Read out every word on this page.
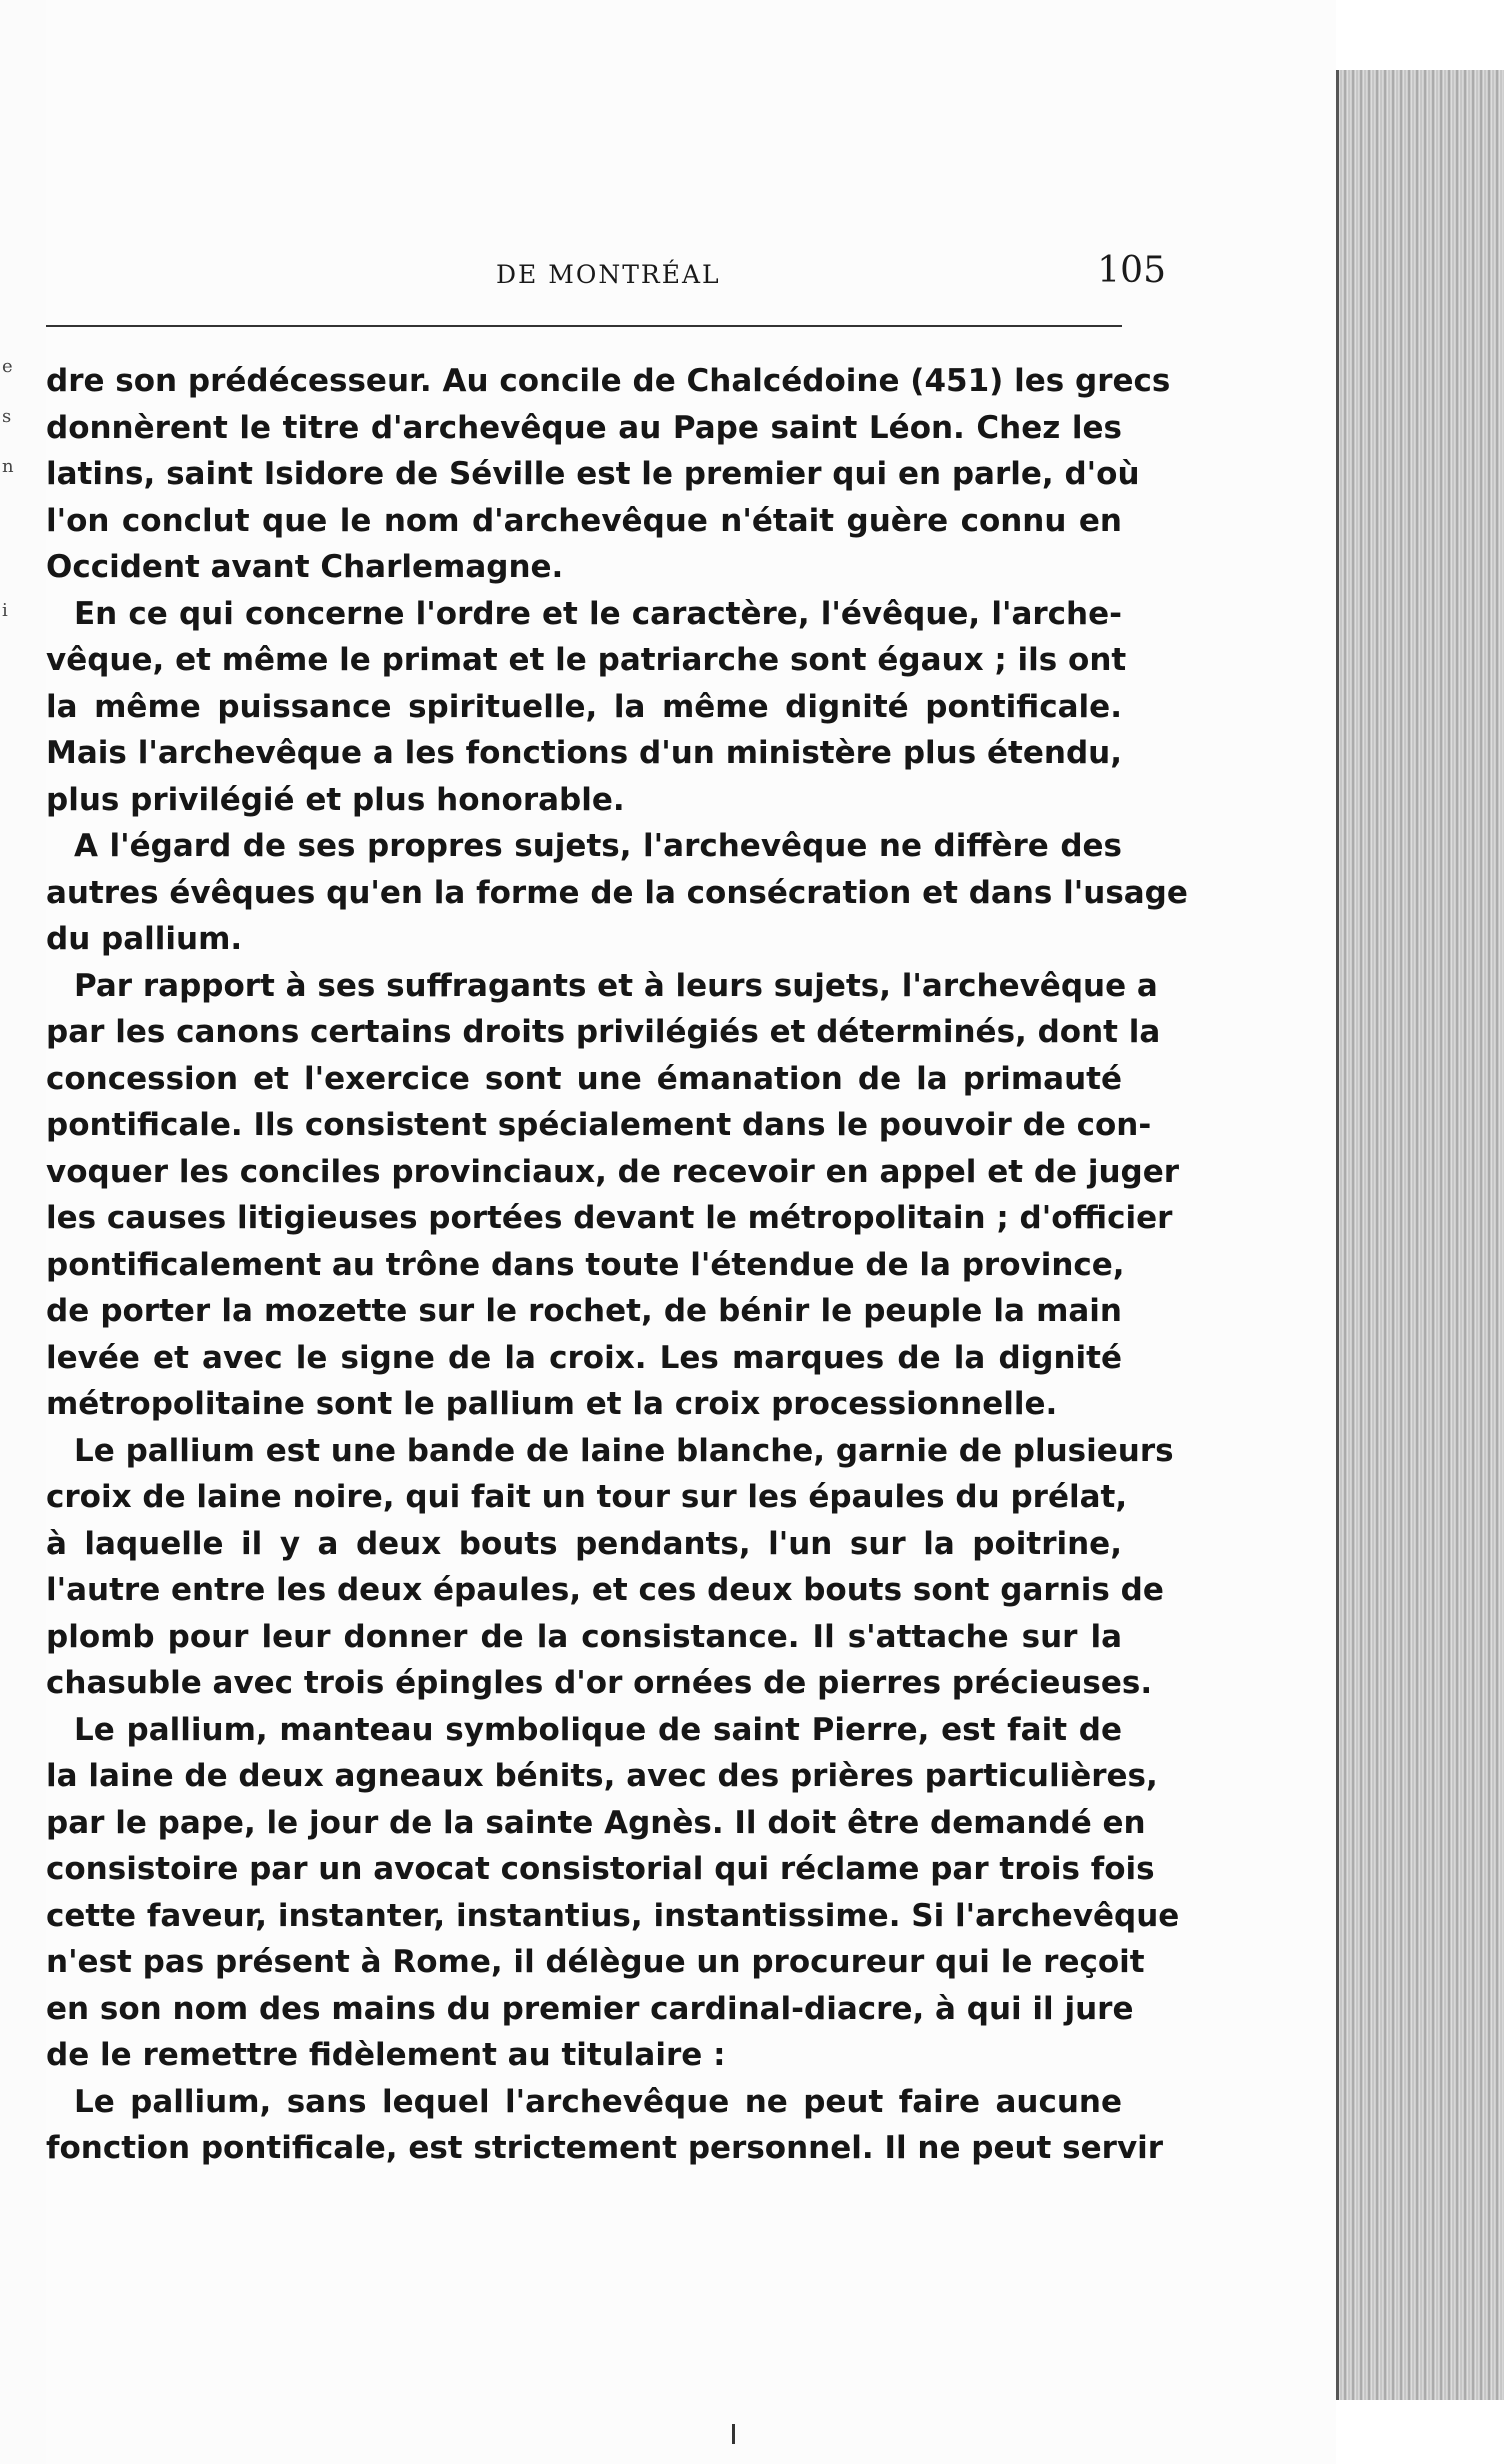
e
s
n
i
DE MONTRÉAL	105
dre son prédécesseur. Au concile de Chalcédoine (451) les grecs
donnèrent le titre d'archevêque au Pape saint Léon. Chez les
latins, saint Isidore de Séville est le premier qui en parle, d'où
l'on conclut que le nom d'archevêque n'était guère connu en
Occident avant Charlemagne.
En ce qui concerne l'ordre et le caractère, l'évêque, l'arche-
vêque, et même le primat et le patriarche sont égaux ; ils ont
la même puissance spirituelle, la même dignité pontificale.
Mais l'archevêque a les fonctions d'un ministère plus étendu,
plus privilégié et plus honorable.
A l'égard de ses propres sujets, l'archevêque ne diffère des
autres évêques qu'en la forme de la consécration et dans l'usage
du pallium.
Par rapport à ses suffragants et à leurs sujets, l'archevêque a
par les canons certains droits privilégiés et déterminés, dont la
concession et l'exercice sont une émanation de la primauté
pontificale. Ils consistent spécialement dans le pouvoir de con-
voquer les conciles provinciaux, de recevoir en appel et de juger
les causes litigieuses portées devant le métropolitain ; d'officier
pontificalement au trône dans toute l'étendue de la province,
de porter la mozette sur le rochet, de bénir le peuple la main
levée et avec le signe de la croix. Les marques de la dignité
métropolitaine sont le pallium et la croix processionnelle.
Le pallium est une bande de laine blanche, garnie de plusieurs
croix de laine noire, qui fait un tour sur les épaules du prélat,
à laquelle il y a deux bouts pendants, l'un sur la poitrine,
l'autre entre les deux épaules, et ces deux bouts sont garnis de
plomb pour leur donner de la consistance. Il s'attache sur la
chasuble avec trois épingles d'or ornées de pierres précieuses.
Le pallium, manteau symbolique de saint Pierre, est fait de
la laine de deux agneaux bénits, avec des prières particulières,
par le pape, le jour de la sainte Agnès. Il doit être demandé en
consistoire par un avocat consistorial qui réclame par trois fois
cette faveur, instanter, instantius, instantissime. Si l'archevêque
n'est pas présent à Rome, il délègue un procureur qui le reçoit
en son nom des mains du premier cardinal-diacre, à qui il jure
de le remettre fidèlement au titulaire :
Le pallium, sans lequel l'archevêque ne peut faire aucune
fonction pontificale, est strictement personnel. Il ne peut servir
